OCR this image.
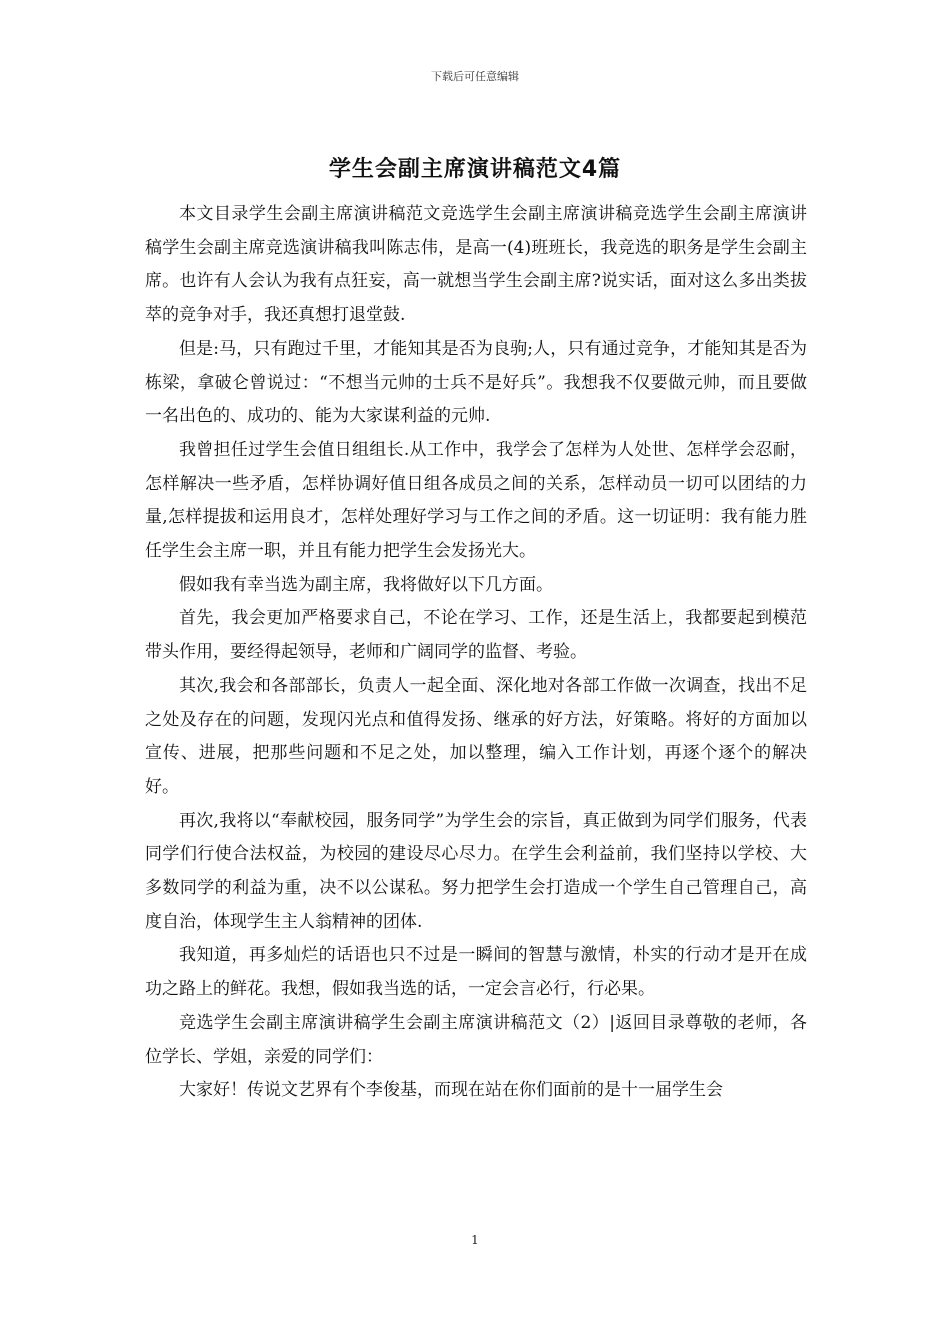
下载后可任意编辑
学生会副主席演讲稿范文4篇

本文目录学生会副主席演讲稿范文竞选学生会副主席演讲稿竞选学生会副主席演讲稿学生会副主席竞选演讲稿我叫陈志伟，是高一(4)班班长，我竞选的职务是学生会副主席。也许有人会认为我有点狂妄，高一就想当学生会副主席?说实话，面对这么多出类拔萃的竞争对手，我还真想打退堂鼓.

但是:马，只有跑过千里，才能知其是否为良驹;人，只有通过竞争，才能知其是否为栋梁，拿破仑曾说过：“不想当元帅的士兵不是好兵”。我想我不仅要做元帅，而且要做一名出色的、成功的、能为大家谋利益的元帅.

我曾担任过学生会值日组组长.从工作中，我学会了怎样为人处世、怎样学会忍耐，怎样解决一些矛盾，怎样协调好值日组各成员之间的关系，怎样动员一切可以团结的力量,怎样提拔和运用良才，怎样处理好学习与工作之间的矛盾。这一切证明：我有能力胜任学生会主席一职，并且有能力把学生会发扬光大。

假如我有幸当选为副主席，我将做好以下几方面。

首先，我会更加严格要求自己，不论在学习、工作，还是生活上，我都要起到模范带头作用，要经得起领导，老师和广阔同学的监督、考验。

其次,我会和各部部长，负责人一起全面、深化地对各部工作做一次调查，找出不足之处及存在的问题，发现闪光点和值得发扬、继承的好方法，好策略。将好的方面加以宣传、进展，把那些问题和不足之处，加以整理，编入工作计划，再逐个逐个的解决好。

再次,我将以“奉献校园，服务同学”为学生会的宗旨，真正做到为同学们服务，代表同学们行使合法权益，为校园的建设尽心尽力。在学生会利益前，我们坚持以学校、大多数同学的利益为重，决不以公谋私。努力把学生会打造成一个学生自己管理自己，高度自治，体现学生主人翁精神的团体.

我知道，再多灿烂的话语也只不过是一瞬间的智慧与激情，朴实的行动才是开在成功之路上的鲜花。我想，假如我当选的话，一定会言必行，行必果。

竞选学生会副主席演讲稿学生会副主席演讲稿范文（2）|返回目录尊敬的老师，各位学长、学姐，亲爱的同学们：

大家好！传说文艺界有个李俊基，而现在站在你们面前的是十一届学生会

1
